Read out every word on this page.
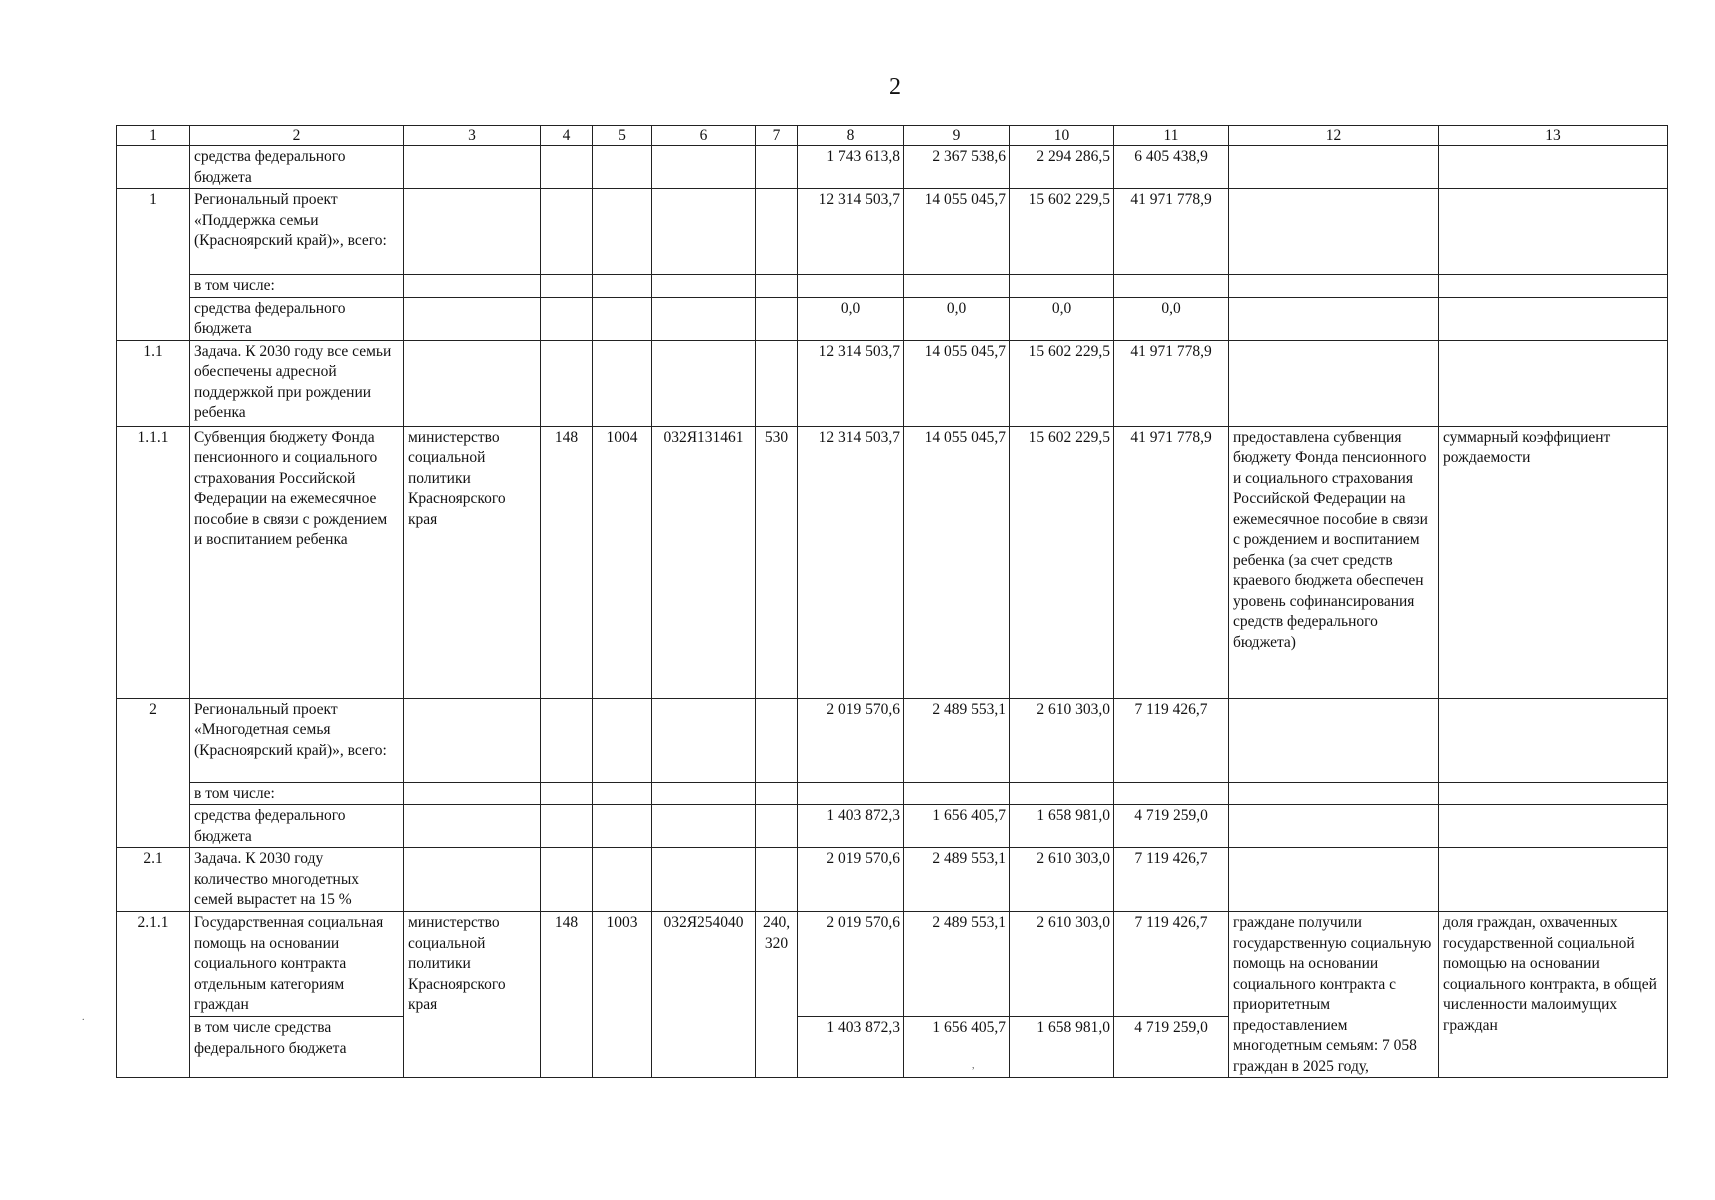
2
1	2	3	4	5	6	7	8	9	10	11	12	13
	средства федерального бюджета						1 743 613,8	2 367 538,6	2 294 286,5	6 405 438,9		
1	Региональный проект «Поддержка семьи (Красноярский край)», всего:						12 314 503,7	14 055 045,7	15 602 229,5	41 971 778,9		
	в том числе:											
	средства федерального бюджета						0,0	0,0	0,0	0,0		
1.1	Задача. К 2030 году все семьи обеспечены адресной поддержкой при рождении ребенка						12 314 503,7	14 055 045,7	15 602 229,5	41 971 778,9		
1.1.1	Субвенция бюджету Фонда пенсионного и социального страхования Российской Федерации на ежемесячное пособие в связи с рождением и воспитанием ребенка	министерство социальной политики Красноярского края	148	1004	032Я131461	530	12 314 503,7	14 055 045,7	15 602 229,5	41 971 778,9	предоставлена субвенция бюджету Фонда пенсионного и социального страхования Российской Федерации на ежемесячное пособие в связи с рождением и воспитанием ребенка (за счет средств краевого бюджета обеспечен уровень софинансирования средств федерального бюджета)	суммарный коэффициент рождаемости
2	Региональный проект «Многодетная семья (Красноярский край)», всего:						2 019 570,6	2 489 553,1	2 610 303,0	7 119 426,7		
	в том числе:											
	средства федерального бюджета						1 403 872,3	1 656 405,7	1 658 981,0	4 719 259,0		
2.1	Задача. К 2030 году количество многодетных семей вырастет на 15 %						2 019 570,6	2 489 553,1	2 610 303,0	7 119 426,7		
2.1.1	Государственная социальная помощь на основании социального контракта отдельным категориям граждан	министерство социальной политики Красноярского края	148	1003	032Я254040	240, 320	2 019 570,6	2 489 553,1	2 610 303,0	7 119 426,7	граждане получили государственную социальную помощь на основании социального контракта с приоритетным предоставлением многодетным семьям: 7 058 граждан в 2025 году,	доля граждан, охваченных государственной социальной помощью на основании социального контракта, в общей численности малоимущих граждан
	в том числе средства федерального бюджета						1 403 872,3	1 656 405,7	1 658 981,0	4 719 259,0		
.
,
